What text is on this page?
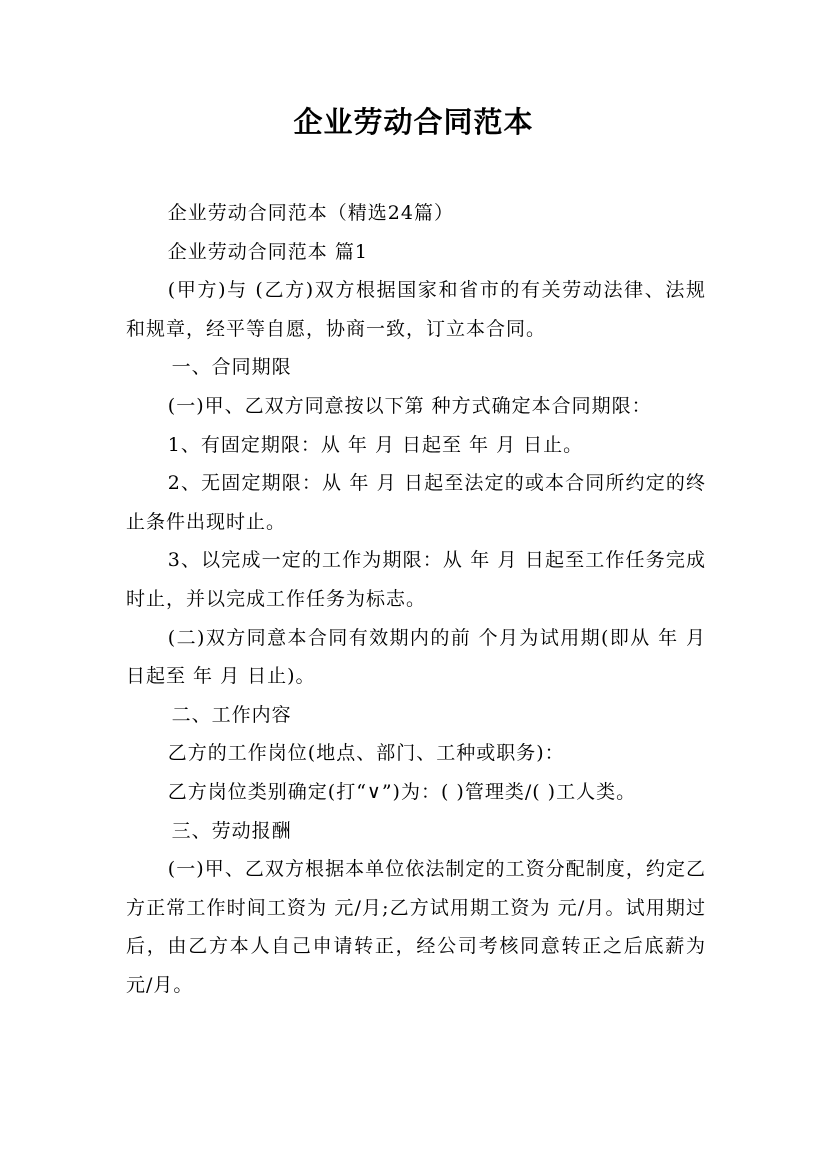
企业劳动合同范本

企业劳动合同范本（精选24篇）

企业劳动合同范本 篇1

(甲方)与 (乙方)双方根据国家和省市的有关劳动法律、法规和规章，经平等自愿，协商一致，订立本合同。

一、合同期限

(一)甲、乙双方同意按以下第 种方式确定本合同期限：

1、有固定期限：从 年 月 日起至 年 月 日止。

2、无固定期限：从 年 月 日起至法定的或本合同所约定的终止条件出现时止。

3、以完成一定的工作为期限：从 年 月 日起至工作任务完成时止，并以完成工作任务为标志。

(二)双方同意本合同有效期内的前 个月为试用期(即从 年 月日起至 年 月 日止)。

二、工作内容

乙方的工作岗位(地点、部门、工种或职务)：

乙方岗位类别确定(打“∨”)为：( )管理类/( )工人类。

三、劳动报酬

(一)甲、乙双方根据本单位依法制定的工资分配制度，约定乙方正常工作时间工资为 元/月;乙方试用期工资为 元/月。试用期过后，由乙方本人自己申请转正，经公司考核同意转正之后底薪为 元/月。
